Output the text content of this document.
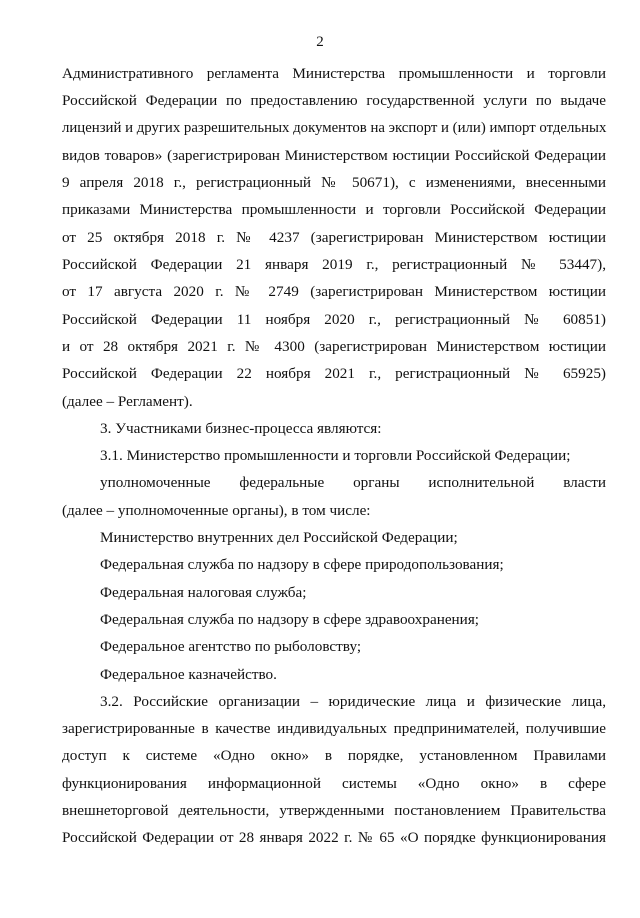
2
Административного регламента Министерства промышленности и торговли
Российской Федерации по предоставлению государственной услуги по выдаче
лицензий и других разрешительных документов на экспорт и (или) импорт отдельных
видов товаров» (зарегистрирован Министерством юстиции Российской Федерации
9 апреля 2018 г., регистрационный № 50671), с изменениями, внесенными
приказами Министерства промышленности и торговли Российской Федерации
от 25 октября 2018 г. № 4237 (зарегистрирован Министерством юстиции
Российской Федерации 21 января 2019 г., регистрационный № 53447),
от 17 августа 2020 г. № 2749 (зарегистрирован Министерством юстиции
Российской Федерации 11 ноября 2020 г., регистрационный № 60851)
и от 28 октября 2021 г. № 4300 (зарегистрирован Министерством юстиции
Российской Федерации 22 ноября 2021 г., регистрационный № 65925)
(далее – Регламент).
3. Участниками бизнес-процесса являются:
3.1. Министерство промышленности и торговли Российской Федерации;
уполномоченные федеральные органы исполнительной власти
(далее – уполномоченные органы), в том числе:
Министерство внутренних дел Российской Федерации;
Федеральная служба по надзору в сфере природопользования;
Федеральная налоговая служба;
Федеральная служба по надзору в сфере здравоохранения;
Федеральное агентство по рыболовству;
Федеральное казначейство.
3.2. Российские организации – юридические лица и физические лица,
зарегистрированные в качестве индивидуальных предпринимателей, получившие
доступ к системе «Одно окно» в порядке, установленном Правилами
функционирования информационной системы «Одно окно» в сфере
внешнеторговой деятельности, утвержденными постановлением Правительства
Российской Федерации от 28 января 2022 г. № 65 «О порядке функционирования
